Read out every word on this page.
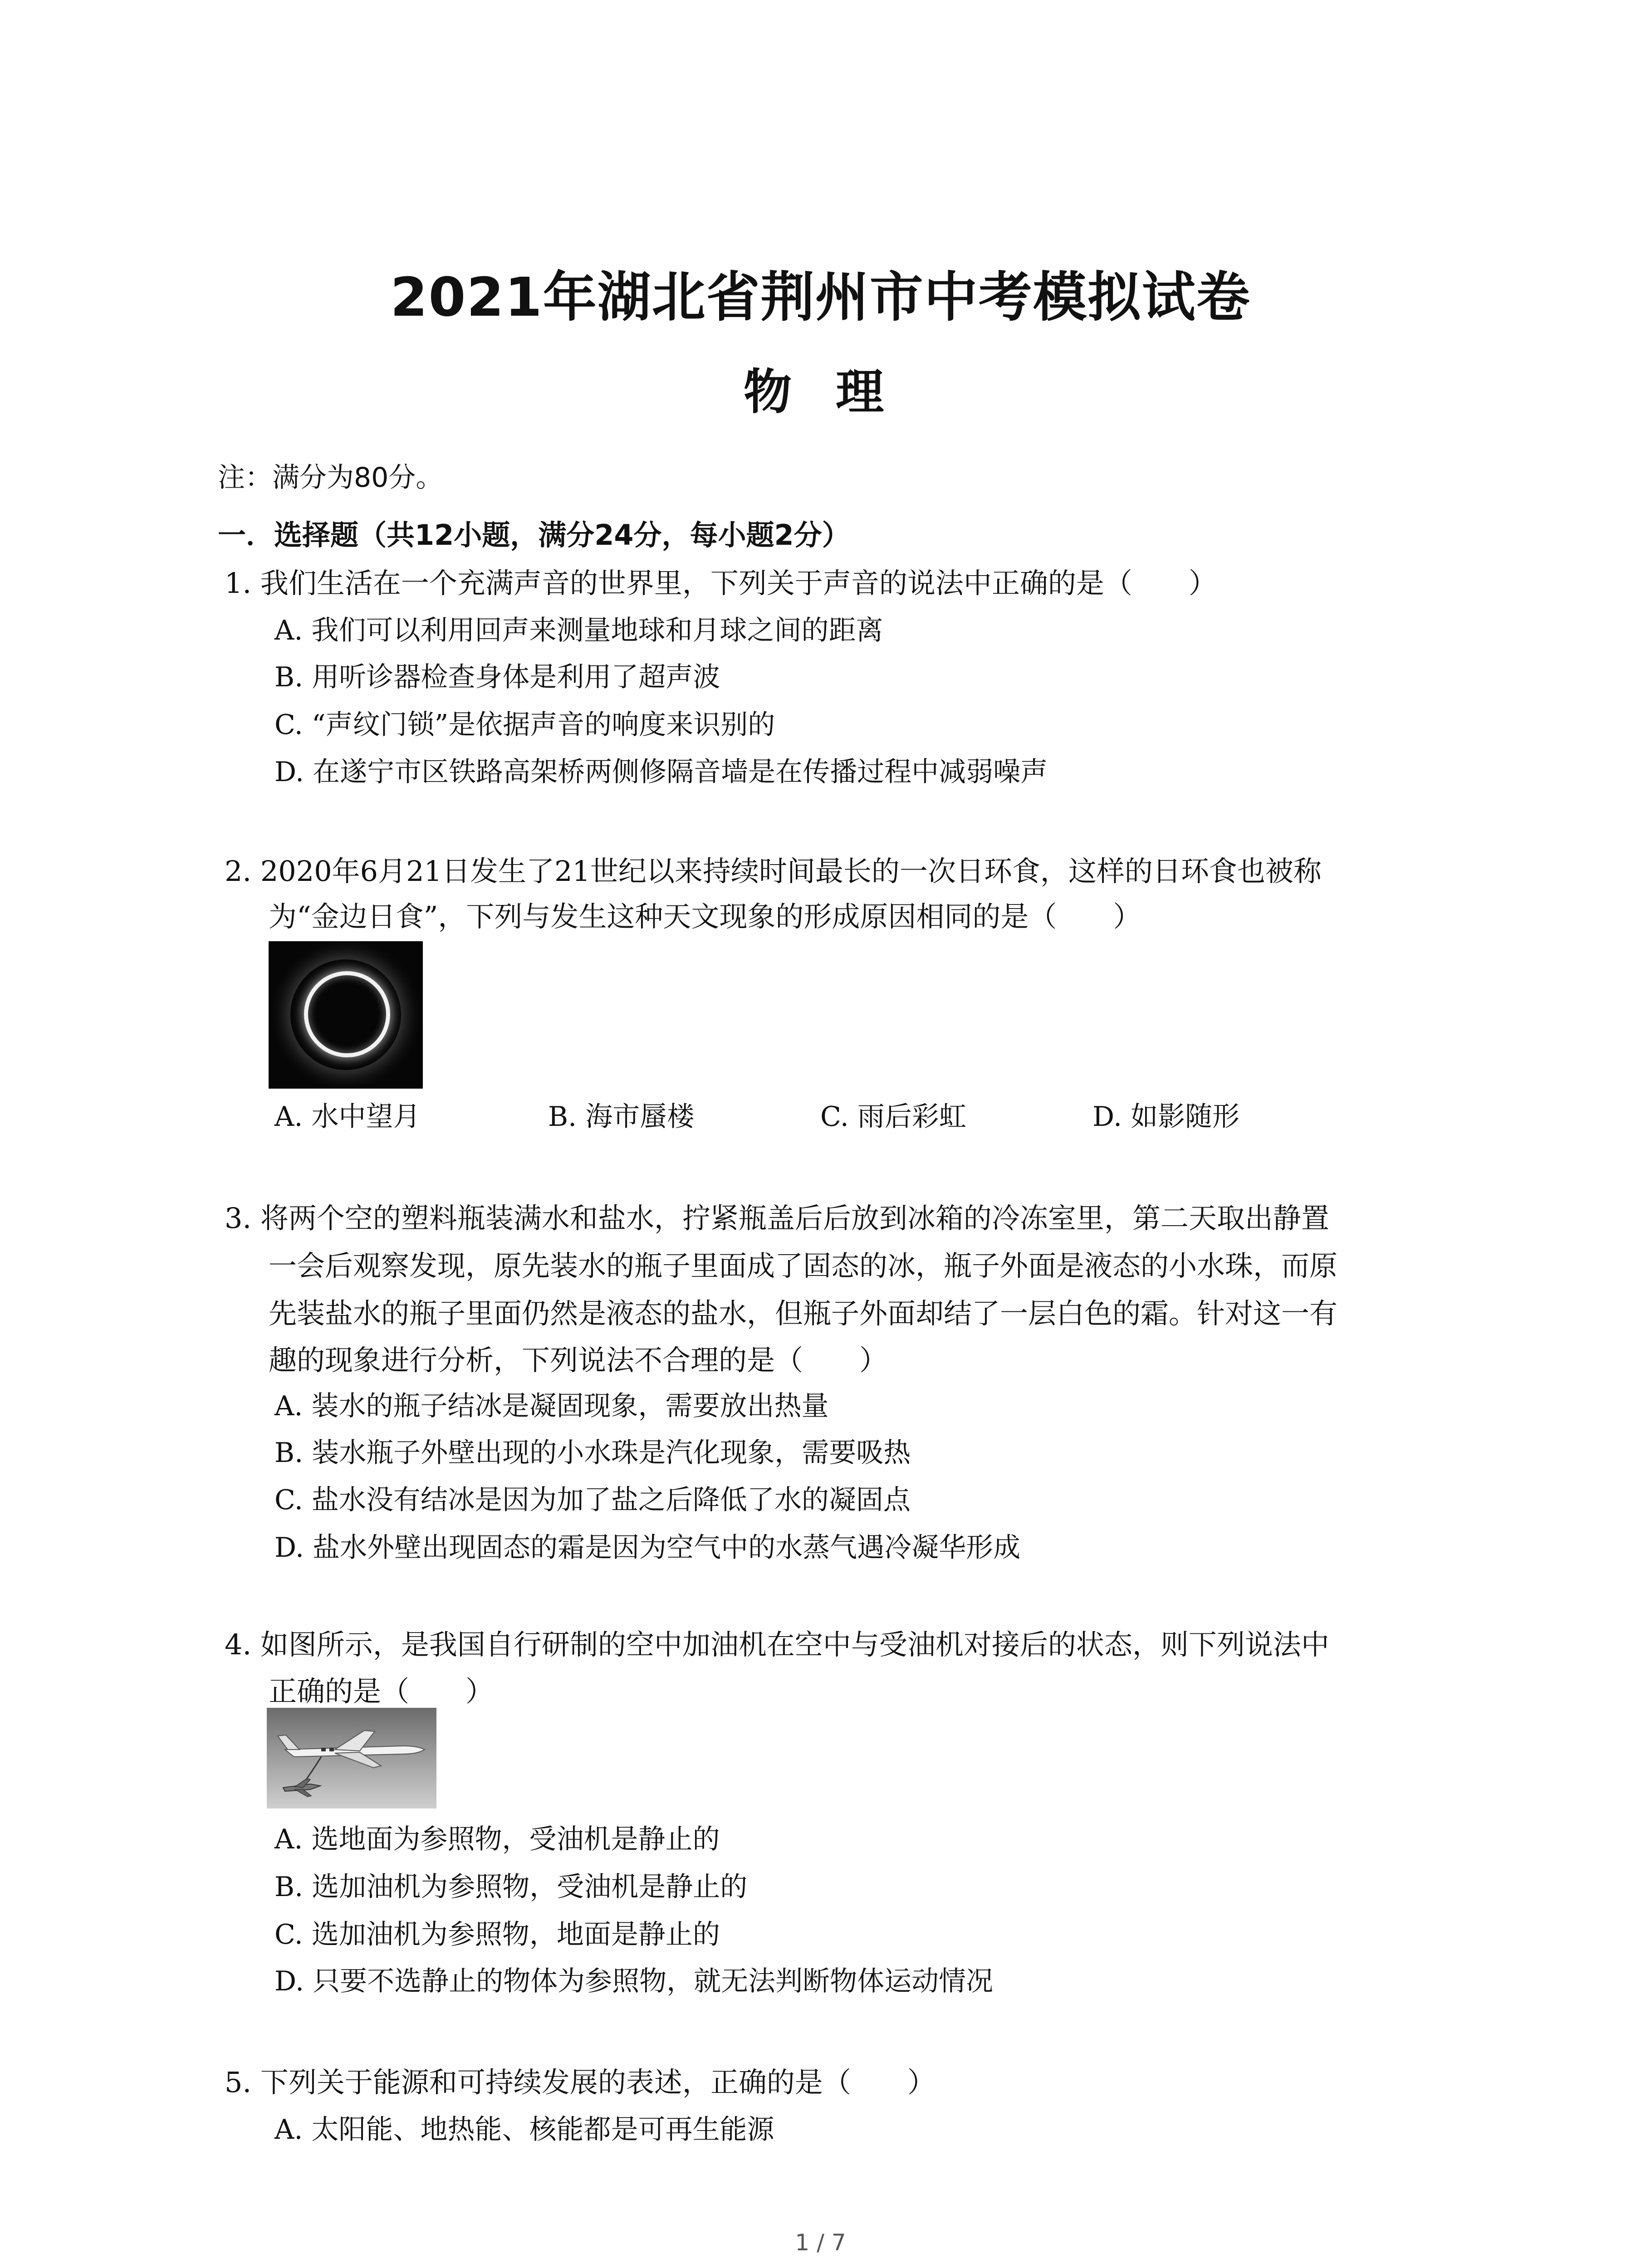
2021年湖北省荆州市中考模拟试卷
物 理
注：满分为80分。
一．选择题（共12小题，满分24分，每小题2分）
1. 我们生活在一个充满声音的世界里，下列关于声音的说法中正确的是（　　）
A. 我们可以利用回声来测量地球和月球之间的距离
B. 用听诊器检查身体是利用了超声波
C. “声纹门锁”是依据声音的响度来识别的
D. 在遂宁市区铁路高架桥两侧修隔音墙是在传播过程中减弱噪声
2. 2020年6月21日发生了21世纪以来持续时间最长的一次日环食，这样的日环食也被称
为“金边日食”，下列与发生这种天文现象的形成原因相同的是（　　）
A. 水中望月	B. 海市蜃楼	C. 雨后彩虹	D. 如影随形
3. 将两个空的塑料瓶装满水和盐水，拧紧瓶盖后后放到冰箱的冷冻室里，第二天取出静置
一会后观察发现，原先装水的瓶子里面成了固态的冰，瓶子外面是液态的小水珠，而原
先装盐水的瓶子里面仍然是液态的盐水，但瓶子外面却结了一层白色的霜。针对这一有
趣的现象进行分析，下列说法不合理的是（　　）
A. 装水的瓶子结冰是凝固现象，需要放出热量
B. 装水瓶子外壁出现的小水珠是汽化现象，需要吸热
C. 盐水没有结冰是因为加了盐之后降低了水的凝固点
D. 盐水外壁出现固态的霜是因为空气中的水蒸气遇冷凝华形成
4. 如图所示，是我国自行研制的空中加油机在空中与受油机对接后的状态，则下列说法中
正确的是（　　）
A. 选地面为参照物，受油机是静止的
B. 选加油机为参照物，受油机是静止的
C. 选加油机为参照物，地面是静止的
D. 只要不选静止的物体为参照物，就无法判断物体运动情况
5. 下列关于能源和可持续发展的表述，正确的是（　　）
A. 太阳能、地热能、核能都是可再生能源
1 / 7
